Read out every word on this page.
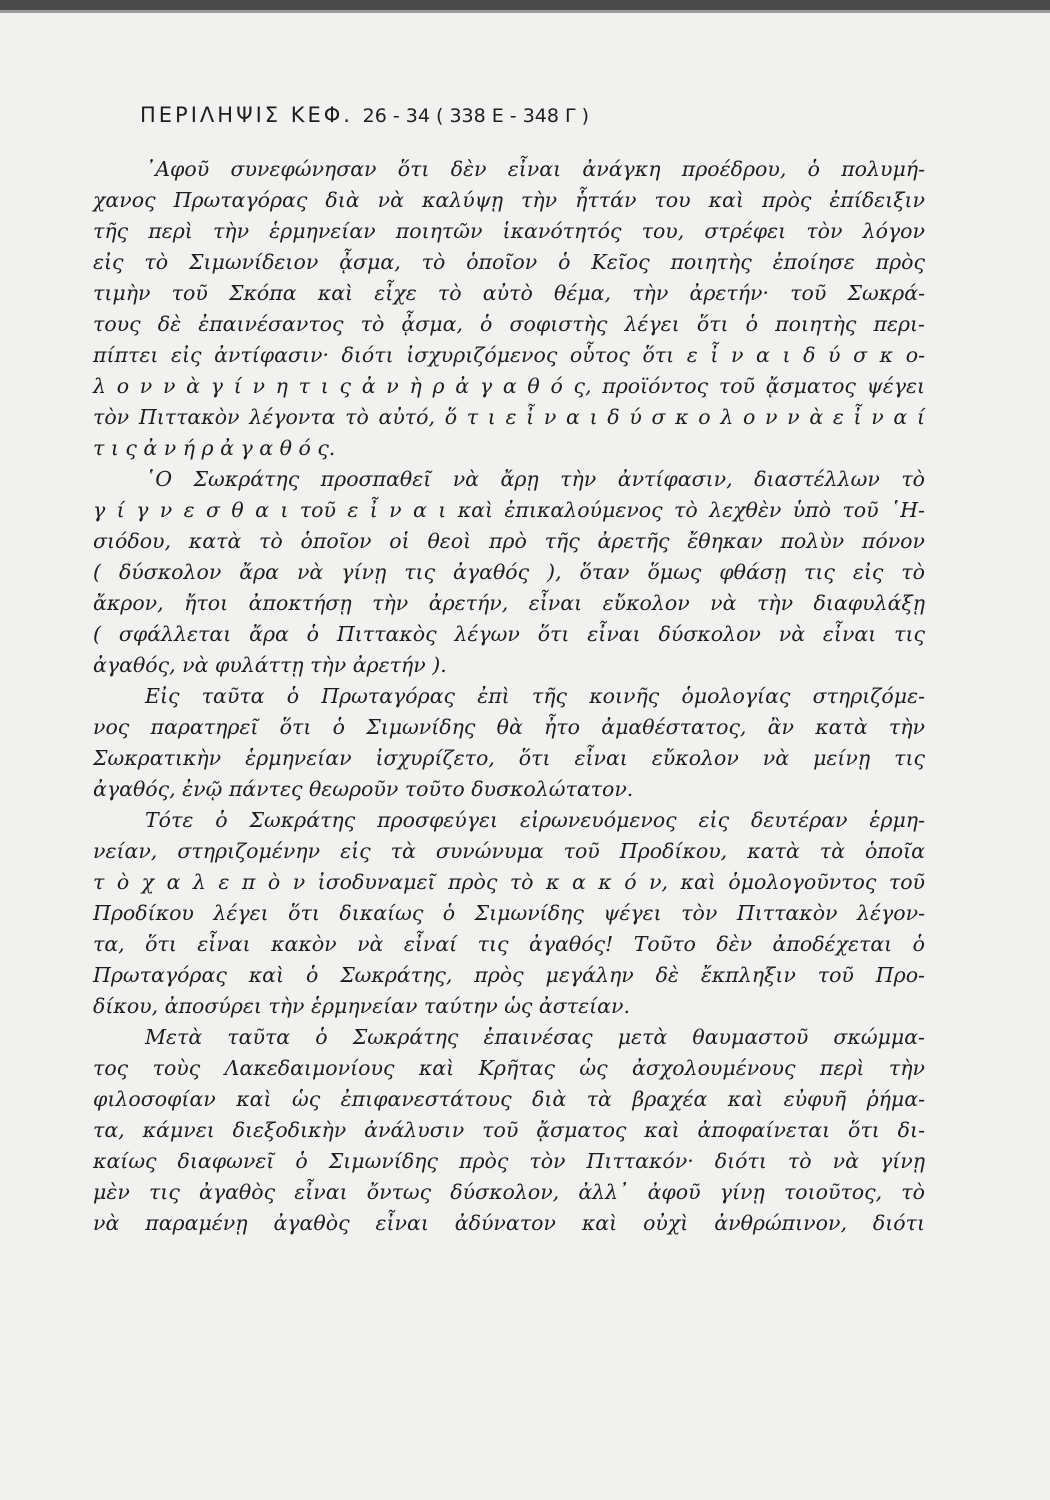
ΠΕΡΙΛΗΨΙΣ ΚΕΦ. 26 - 34 ( 338 Ε - 348 Γ )
᾿Αφοῦ συνεφώνησαν ὅτι δὲν εἶναι ἀνάγκη προέδρου, ὁ πολυμή-
χανος Πρωταγόρας διὰ νὰ καλύψῃ τὴν ἧττάν του καὶ πρὸς ἐπίδειξιν
τῆς περὶ τὴν ἑρμηνείαν ποιητῶν ἱκανότητός του, στρέφει τὸν λόγον
εἰς τὸ Σιμωνίδειον ᾆσμα, τὸ ὁποῖον ὁ Κεῖος ποιητὴς ἐποίησε πρὸς
τιμὴν τοῦ Σκόπα καὶ εἶχε τὸ αὐτὸ θέμα, τὴν ἀρετήν· τοῦ Σωκρά-
τους δὲ ἐπαινέσαντος τὸ ᾆσμα, ὁ σοφιστὴς λέγει ὅτι ὁ ποιητὴς περι-
πίπτει εἰς ἀντίφασιν· διότι ἰσχυριζόμενος οὗτος ὅτι ε ἶ ν α ι δ ύ σ κ ο-
λ ο ν ν ὰ γ ί ν η τ ι ς ἀ ν ὴ ρ ἀ γ α θ ό ς, προϊόντος τοῦ ᾄσματος ψέγει
τὸν Πιττακὸν λέγοντα τὸ αὐτό, ὅ τ ι ε ἶ ν α ι δ ύ σ κ ο λ ο ν ν ὰ ε ἶ ν α ί
τ ι ς ἀ ν ή ρ ἀ γ α θ ό ς.
῾Ο Σωκράτης προσπαθεῖ νὰ ἄρῃ τὴν ἀντίφασιν, διαστέλλων τὸ
γ ί γ ν ε σ θ α ι τοῦ ε ἶ ν α ι καὶ ἐπικαλούμενος τὸ λεχθὲν ὑπὸ τοῦ ῾Η-
σιόδου, κατὰ τὸ ὁποῖον οἱ θεοὶ πρὸ τῆς ἀρετῆς ἔθηκαν πολὺν πόνον
( δύσκολον ἄρα νὰ γίνῃ τις ἀγαθός ), ὅταν ὅμως φθάσῃ τις εἰς τὸ
ἄκρον, ἤτοι ἀποκτήσῃ τὴν ἀρετήν, εἶναι εὔκολον νὰ τὴν διαφυλάξῃ
( σφάλλεται ἄρα ὁ Πιττακὸς λέγων ὅτι εἶναι δύσκολον νὰ εἶναι τις
ἀγαθός, νὰ φυλάττῃ τὴν ἀρετήν ).
Εἰς ταῦτα ὁ Πρωταγόρας ἐπὶ τῆς κοινῆς ὁμολογίας στηριζόμε-
νος παρατηρεῖ ὅτι ὁ Σιμωνίδης θὰ ἦτο ἀμαθέστατος, ἂν κατὰ τὴν
Σωκρατικὴν ἑρμηνείαν ἰσχυρίζετο, ὅτι εἶναι εὔκολον νὰ μείνῃ τις
ἀγαθός, ἐνῷ πάντες θεωροῦν τοῦτο δυσκολώτατον.
Τότε ὁ Σωκράτης προσφεύγει εἰρωνευόμενος εἰς δευτέραν ἑρμη-
νείαν, στηριζομένην εἰς τὰ συνώνυμα τοῦ Προδίκου, κατὰ τὰ ὁποῖα
τ ὸ χ α λ ε π ὸ ν ἰσοδυναμεῖ πρὸς τὸ κ α κ ό ν, καὶ ὁμολογοῦντος τοῦ
Προδίκου λέγει ὅτι δικαίως ὁ Σιμωνίδης ψέγει τὸν Πιττακὸν λέγον-
τα, ὅτι εἶναι κακὸν νὰ εἶναί τις ἀγαθός! Τοῦτο δὲν ἀποδέχεται ὁ
Πρωταγόρας καὶ ὁ Σωκράτης, πρὸς μεγάλην δὲ ἔκπληξιν τοῦ Προ-
δίκου, ἀποσύρει τὴν ἑρμηνείαν ταύτην ὡς ἀστείαν.
Μετὰ ταῦτα ὁ Σωκράτης ἐπαινέσας μετὰ θαυμαστοῦ σκώμμα-
τος τοὺς Λακεδαιμονίους καὶ Κρῆτας ὡς ἀσχολουμένους περὶ τὴν
φιλοσοφίαν καὶ ὡς ἐπιφανεστάτους διὰ τὰ βραχέα καὶ εὐφυῆ ῥήμα-
τα, κάμνει διεξοδικὴν ἀνάλυσιν τοῦ ᾄσματος καὶ ἀποφαίνεται ὅτι δι-
καίως διαφωνεῖ ὁ Σιμωνίδης πρὸς τὸν Πιττακόν· διότι τὸ νὰ γίνῃ
μὲν τις ἀγαθὸς εἶναι ὄντως δύσκολον, ἀλλ᾿ ἀφοῦ γίνῃ τοιοῦτος, τὸ
νὰ παραμένῃ ἀγαθὸς εἶναι ἀδύνατον καὶ οὐχὶ ἀνθρώπινον, διότι
